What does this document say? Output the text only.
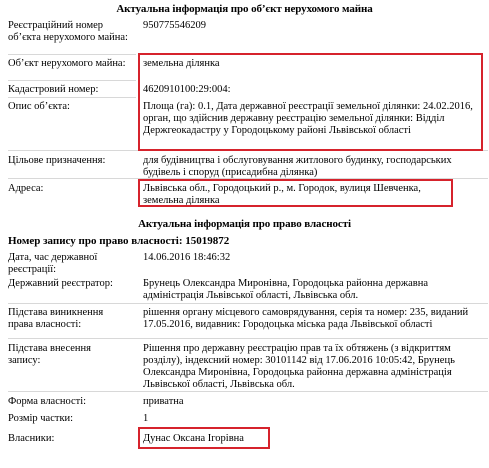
Актуальна інформація про об’єкт нерухомого майна
Реєстраційний номер об’єкта нерухомого майна:
950775546209
Об’єкт нерухомого майна:	земельна ділянка
Кадастровий номер:	4620910100:29:004:
Опис об’єкта:	Площа (га): 0.1, Дата державної реєстрації земельної ділянки: 24.02.2016, орган, що здійснив державну реєстрацію земельної ділянки: Відділ Держгеокадастру у Городоцькому районі Львівської області
Цільове призначення:	для будівництва і обслуговування житлового будинку, господарських будівель і споруд (присадибна ділянка)
Адреса:	Львівська обл., Городоцький р., м. Городок, вулиця Шевченка, земельна ділянка
Актуальна інформація про право власності
Номер запису про право власності: 15019872
Дата, час державної реєстрації:
14.06.2016 18:46:32
Державний реєстратор:	Брунець Олександра Миронівна, Городоцька районна державна адміністрація Львівської області, Львівська обл.
Підстава виникнення права власності:
рішення органу місцевого самоврядування, серія та номер: 235, виданий 17.05.2016, видавник: Городоцька міська рада Львівської області
Підстава внесення запису:
Рішення про державну реєстрацію прав та їх обтяжень (з відкриттям розділу), індексний номер: 30101142 від 17.06.2016 10:05:42, Брунець Олександра Миронівна, Городоцька районна державна адміністрація Львівської області, Львівська обл.
Форма власності:	приватна
Розмір частки:	1
Власники:	Дунас Оксана Ігорівна
